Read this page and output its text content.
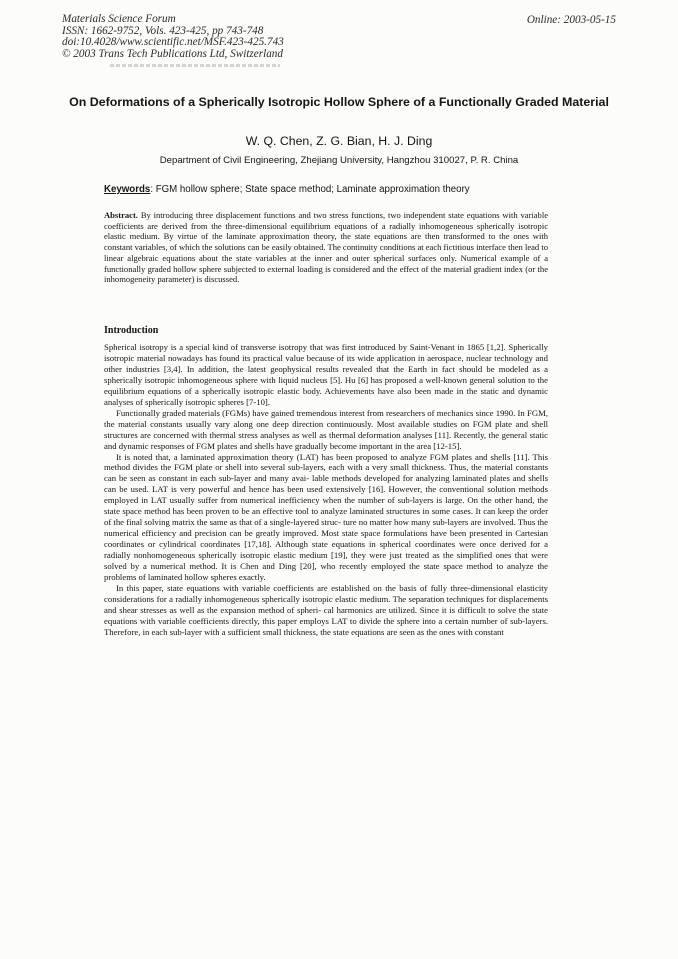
Materials Science Forum
ISSN: 1662-9752, Vols. 423-425, pp 743-748
doi:10.4028/www.scientific.net/MSF.423-425.743
© 2003 Trans Tech Publications Ltd, Switzerland
Online: 2003-05-15
On Deformations of a Spherically Isotropic Hollow Sphere of a Functionally Graded Material
W. Q. Chen, Z. G. Bian, H. J. Ding
Department of Civil Engineering, Zhejiang University, Hangzhou 310027, P. R. China
Keywords: FGM hollow sphere; State space method; Laminate approximation theory
Abstract. By introducing three displacement functions and two stress functions, two independent state equations with variable coefficients are derived from the three-dimensional equilibrium equations of a radially inhomogeneous spherically isotropic elastic medium. By virtue of the laminate approximation theory, the state equations are then transformed to the ones with constant variables, of which the solutions can be easily obtained. The continuity conditions at each fictitious interface then lead to linear algebraic equations about the state variables at the inner and outer spherical surfaces only. Numerical example of a functionally graded hollow sphere subjected to external loading is considered and the effect of the material gradient index (or the inhomogeneity parameter) is discussed.
Introduction

Spherical isotropy is a special kind of transverse isotropy that was first introduced by Saint-Venant in 1865 [1,2]. Spherically isotropic material nowadays has found its practical value because of its wide application in aerospace, nuclear technology and other industries [3,4]. In addition, the latest geophysical results revealed that the Earth in fact should be modeled as a spherically isotropic inhomogeneous sphere with liquid nucleus [5]. Hu [6] has proposed a well-known general solution to the equilibrium equations of a spherically isotropic elastic body. Achievements have also been made in the static and dynamic analyses of spherically isotropic spheres [7-10].

Functionally graded materials (FGMs) have gained tremendous interest from researchers of mechanics since 1990. In FGM, the material constants usually vary along one deep direction continuously. Most available studies on FGM plate and shell structures are concerned with thermal stress analyses as well as thermal deformation analyses [11]. Recently, the general static and dynamic responses of FGM plates and shells have gradually become important in the area [12-15].

It is noted that, a laminated approximation theory (LAT) has been proposed to analyze FGM plates and shells [11]. This method divides the FGM plate or shell into several sub-layers, each with a very small thickness. Thus, the material constants can be seen as constant in each sub-layer and many avai- lable methods developed for analyzing laminated plates and shells can be used. LAT is very powerful and hence has been used extensively [16]. However, the conventional solution methods employed in LAT usually suffer from numerical inefficiency when the number of sub-layers is large. On the other hand, the state space method has been proven to be an effective tool to analyze laminated structures in some cases. It can keep the order of the final solving matrix the same as that of a single-layered struc- ture no matter how many sub-layers are involved. Thus the numerical efficiency and precision can be greatly improved. Most state space formulations have been presented in Cartesian coordinates or cylindrical coordinates [17,18]. Although state equations in spherical coordinates were once derived for a radially nonhomogeneous spherically isotropic elastic medium [19], they were just treated as the simplified ones that were solved by a numerical method. It is Chen and Ding [20], who recently employed the state space method to analyze the problems of laminated hollow spheres exactly.

In this paper, state equations with variable coefficients are established on the basis of fully three-dimensional elasticity considerations for a radially inhomogeneous spherically isotropic elastic medium. The separation techniques for displacements and shear stresses as well as the expansion method of spheri- cal harmonics are utilized. Since it is difficult to solve the state equations with variable coefficients directly, this paper employs LAT to divide the sphere into a certain number of sub-layers. Therefore, in each sub-layer with a sufficient small thickness, the state equations are seen as the ones with constant
